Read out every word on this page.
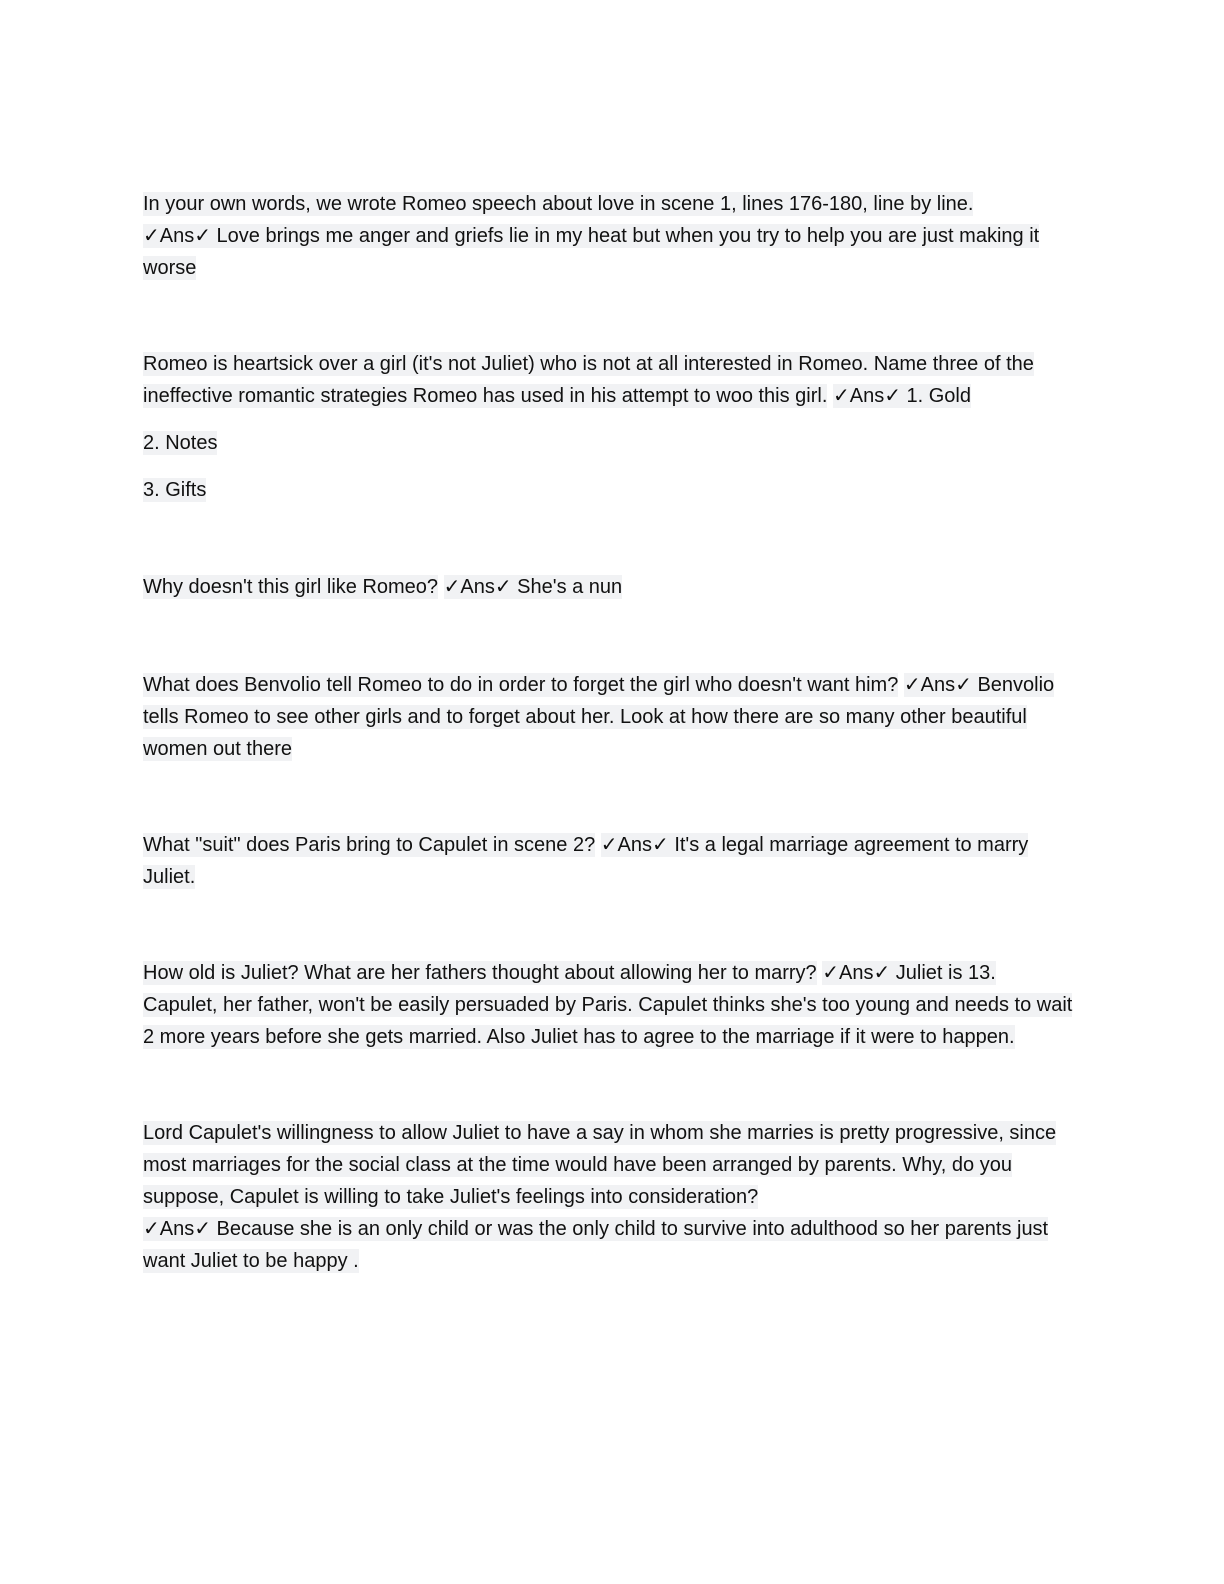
In your own words, we wrote Romeo speech about love in scene 1, lines 176-180, line by line.
✓Ans✓ Love brings me anger and griefs lie in my heat but when you try to help you are just making it worse

Romeo is heartsick over a girl (it's not Juliet) who is not at all interested in Romeo. Name three of the ineffective romantic strategies Romeo has used in his attempt to woo this girl. ✓Ans✓ 1. Gold

2. Notes

3. Gifts

Why doesn't this girl like Romeo? ✓Ans✓ She's a nun

What does Benvolio tell Romeo to do in order to forget the girl who doesn't want him? ✓Ans✓ Benvolio tells Romeo to see other girls and to forget about her. Look at how there are so many other beautiful women out there

What "suit" does Paris bring to Capulet in scene 2? ✓Ans✓ It's a legal marriage agreement to marry Juliet.

How old is Juliet? What are her fathers thought about allowing her to marry? ✓Ans✓ Juliet is 13. Capulet, her father, won't be easily persuaded by Paris. Capulet thinks she's too young and needs to wait 2 more years before she gets married. Also Juliet has to agree to the marriage if it were to happen.

Lord Capulet's willingness to allow Juliet to have a say in whom she marries is pretty progressive, since most marriages for the social class at the time would have been arranged by parents. Why, do you suppose, Capulet is willing to take Juliet's feelings into consideration?
✓Ans✓ Because she is an only child or was the only child to survive into adulthood so her parents just want Juliet to be happy .
